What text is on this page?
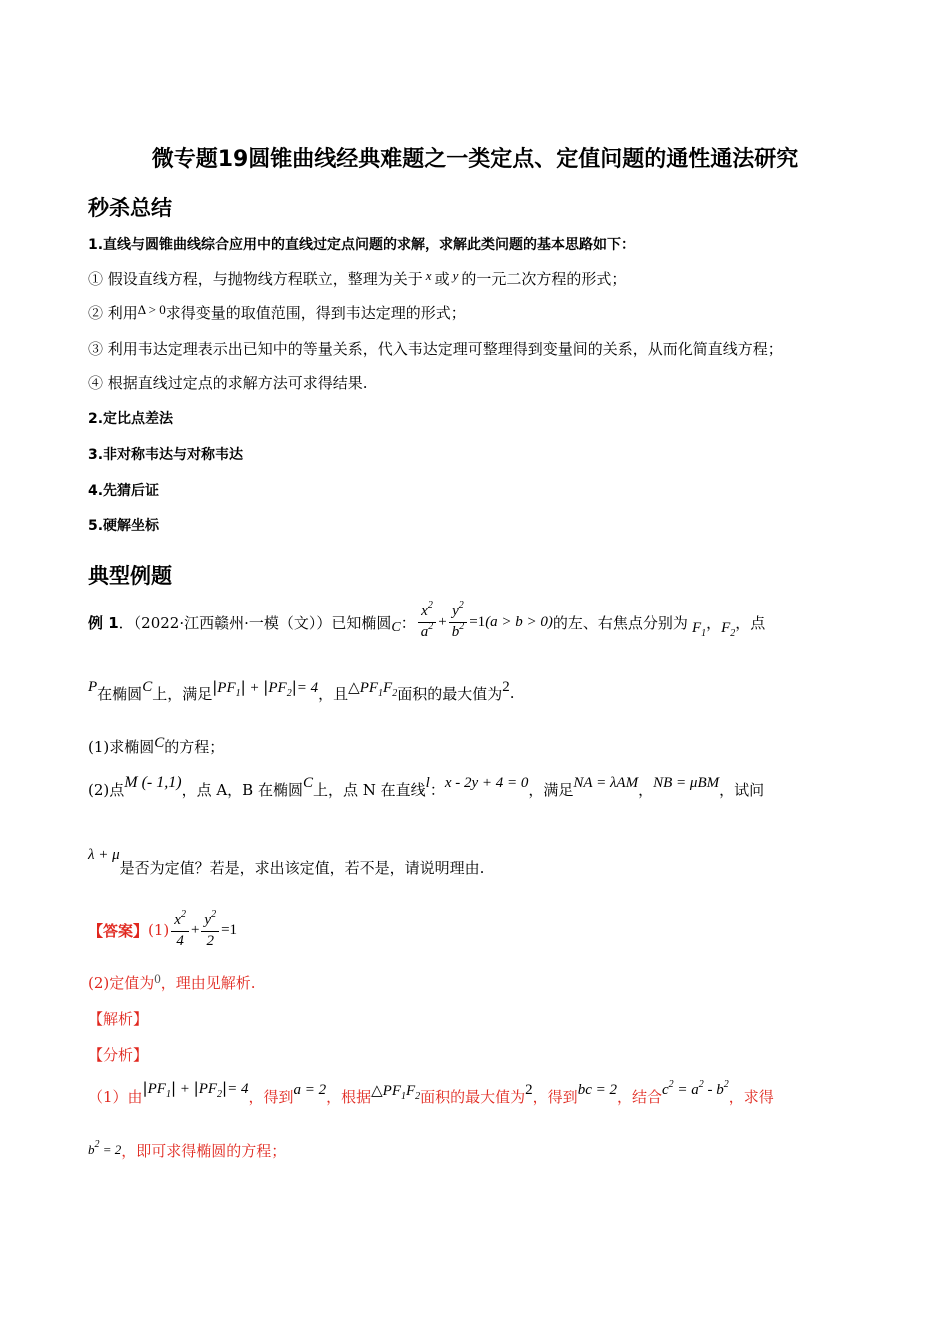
微专题19圆锥曲线经典难题之一类定点、定值问题的通性通法研究
秒杀总结
1.直线与圆锥曲线综合应用中的直线过定点问题的求解，求解此类问题的基本思路如下：
① 假设直线方程，与抛物线方程联立，整理为关于 x 或 y 的一元二次方程的形式；
② 利用Δ > 0求得变量的取值范围，得到韦达定理的形式；
③ 利用韦达定理表示出已知中的等量关系，代入韦达定理可整理得到变量间的关系，从而化简直线方程；
④ 根据直线过定点的求解方法可求得结果.
2.定比点差法
3.非对称韦达与对称韦达
4.先猜后证
5.硬解坐标
典型例题
例 1 ．（2022·江西赣州·一模（文））已知椭圆 C ： $\frac{x^2}{a^2} + \frac{y^2}{b^2} =1$ (a > b > 0) 的左、右焦点分别为 $F_1$
， $F_2$
，点
P 在椭圆 C 上，满足 $|PF_1| + |PF_2|= 4$ ，且 $\triangle PF_1F_2$ 面积的最大值为 2 .
(1)求椭圆C的方程；
(2)点 M (- 1,1) ，点 A，B 在椭圆 C 上，点 N 在直线 l ： x - 2y + 4 = 0 ，满足 NA = λAM ， NB = μBM ，试问
λ + μ
是否为定值？若是，求出该定值，若不是，请说明理由.
【答案】 $(1) \frac{x^2}{4} + \frac{y^2}{2} =1$
(2)定值为0，理由见解析.
【解析】
【分析】
（1）由 $|PF_1| + |PF_2|= 4$ ，得到 a = 2 ，根据 $\triangle PF_1F_2$ 面积的最大值为 2 ，得到 bc = 2 ，结合 $c^2 = a^2 - b^2$
，求得
$b^2 = 2$，即可求得椭圆的方程；
